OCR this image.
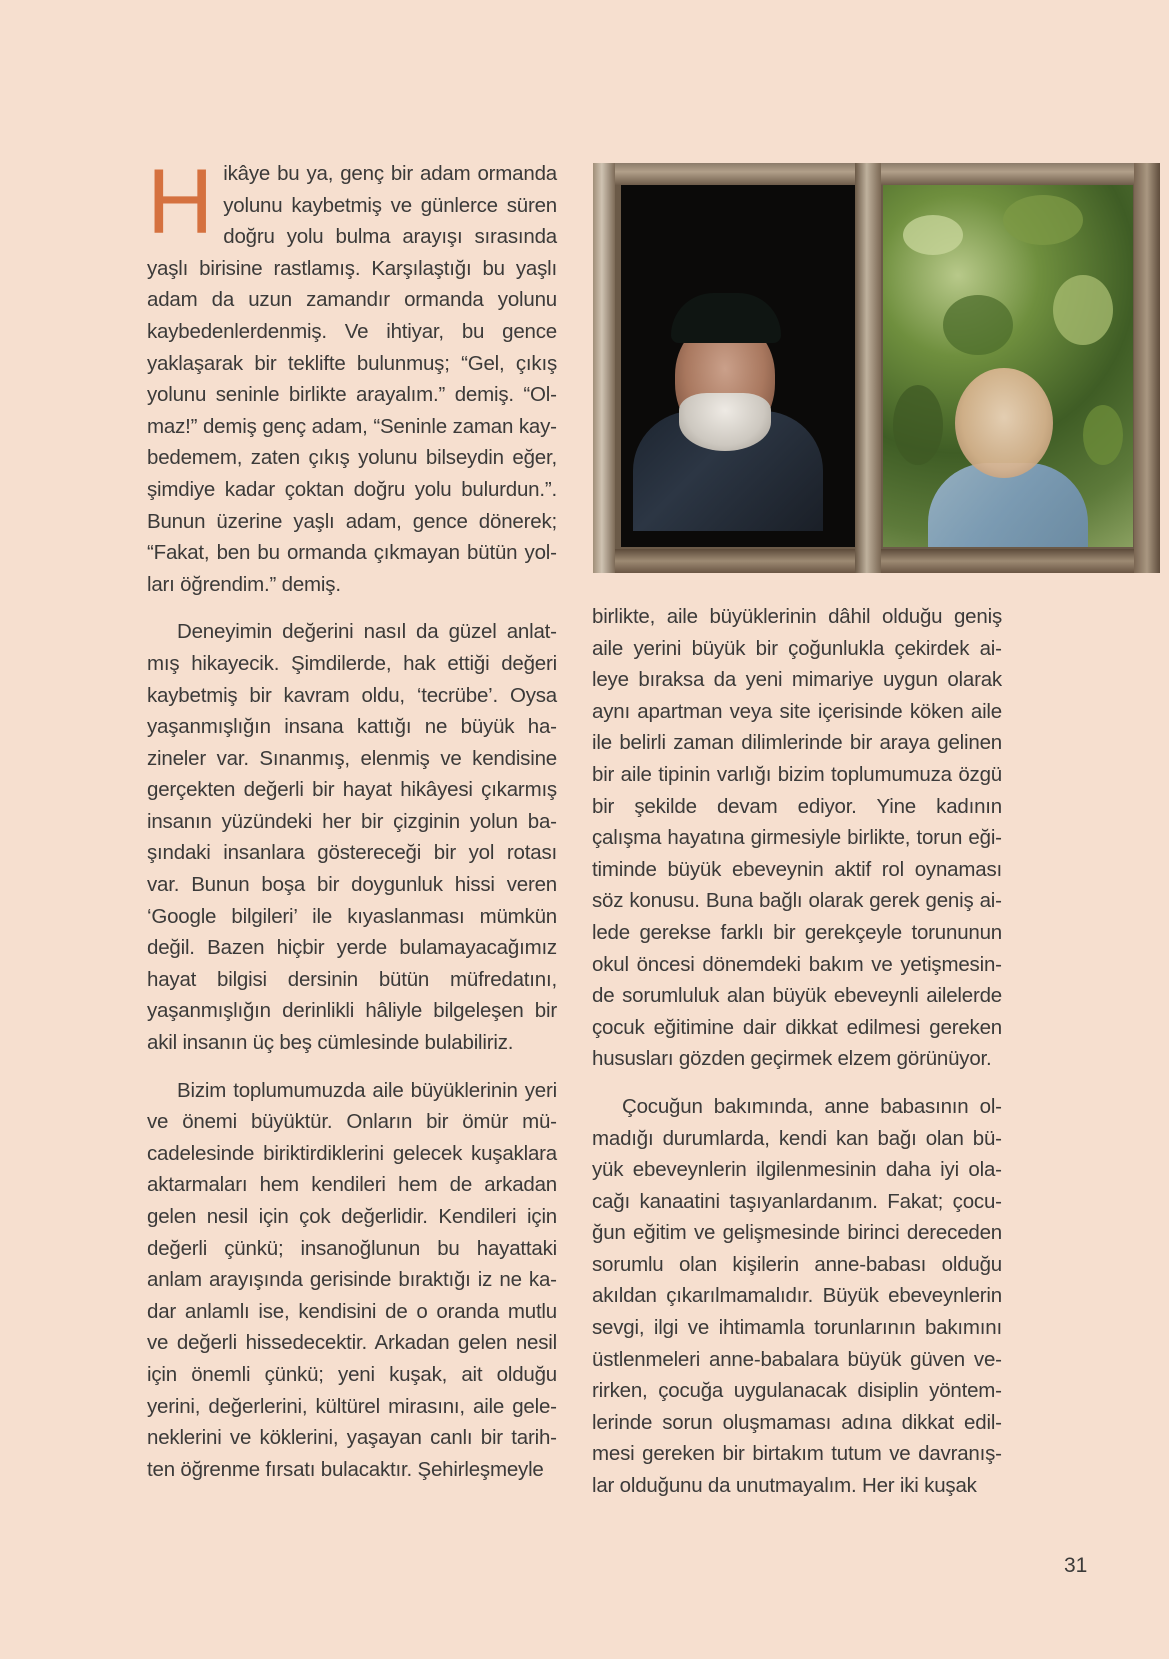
Hikâye bu ya, genç bir adam ormanda yolunu kaybetmiş ve günlerce süren doğru yolu bulma arayışı sırasında yaşlı birisine rastlamış. Karşılaştığı bu yaşlı adam da uzun zamandır ormanda yolunu kaybedenlerdenmiş. Ve ihtiyar, bu gence yaklaşarak bir teklifte bulunmuş; “Gel, çıkış yolunu seninle birlikte arayalım.” demiş. “Olmaz!” demiş genç adam, “Seninle zaman kaybedemem, zaten çıkış yolunu bilseydin eğer, şimdiye kadar çoktan doğru yolu bulurdun.”. Bunun üzerine yaşlı adam, gence dönerek; “Fakat, ben bu ormanda çıkmayan bütün yolları öğrendim.” demiş.

Deneyimin değerini nasıl da güzel anlatmış hikayecik. Şimdilerde, hak ettiği değeri kaybetmiş bir kavram oldu, ‘tecrübe’. Oysa yaşanmışlığın insana kattığı ne büyük hazineler var. Sınanmış, elenmiş ve kendisine gerçekten değerli bir hayat hikâyesi çıkarmış insanın yüzündeki her bir çizginin yolun başındaki insanlara göstereceği bir yol rotası var. Bunun boşa bir doygunluk hissi veren ‘Google bilgileri’ ile kıyaslanması mümkün değil. Bazen hiçbir yerde bulamayacağımız hayat bilgisi dersinin bütün müfredatını, yaşanmışlığın derinlikli hâliyle bilgeleşen bir akil insanın üç beş cümlesinde bulabiliriz.

Bizim toplumumuzda aile büyüklerinin yeri ve önemi büyüktür. Onların bir ömür mücadelesinde biriktirdiklerini gelecek kuşaklara aktarmaları hem kendileri hem de arkadan gelen nesil için çok değerlidir. Kendileri için değerli çünkü; insanoğlunun bu hayattaki anlam arayışında gerisinde bıraktığı iz ne kadar anlamlı ise, kendisini de o oranda mutlu ve değerli hissedecektir. Arkadan gelen nesil için önemli çünkü; yeni kuşak, ait olduğu yerini, değerlerini, kültürel mirasını, aile geleneklerini ve köklerini, yaşayan canlı bir tarihten öğrenme fırsatı bulacaktır. Şehirleşmeyle

birlikte, aile büyüklerinin dâhil olduğu geniş aile yerini büyük bir çoğunlukla çekirdek aileye bıraksa da yeni mimariye uygun olarak aynı apartman veya site içerisinde köken aile ile belirli zaman dilimlerinde bir araya gelinen bir aile tipinin varlığı bizim toplumumuza özgü bir şekilde devam ediyor. Yine kadının çalışma hayatına girmesiyle birlikte, torun eğitiminde büyük ebeveynin aktif rol oynaması söz konusu. Buna bağlı olarak gerek geniş ailede gerekse farklı bir gerekçeyle torununun okul öncesi dönemdeki bakım ve yetişmesinde sorumluluk alan büyük ebeveynli ailelerde çocuk eğitimine dair dikkat edilmesi gereken hususları gözden geçirmek elzem görünüyor.

Çocuğun bakımında, anne babasının olmadığı durumlarda, kendi kan bağı olan büyük ebeveynlerin ilgilenmesinin daha iyi olacağı kanaatini taşıyanlardanım. Fakat; çocuğun eğitim ve gelişmesinde birinci dereceden sorumlu olan kişilerin anne-babası olduğu akıldan çıkarılmamalıdır. Büyük ebeveynlerin sevgi, ilgi ve ihtimamla torunlarının bakımını üstlenmeleri anne-babalara büyük güven verirken, çocuğa uygulanacak disiplin yöntemlerinde sorun oluşmaması adına dikkat edilmesi gereken bir birtakım tutum ve davranışlar olduğunu da unutmayalım. Her iki kuşak

31
